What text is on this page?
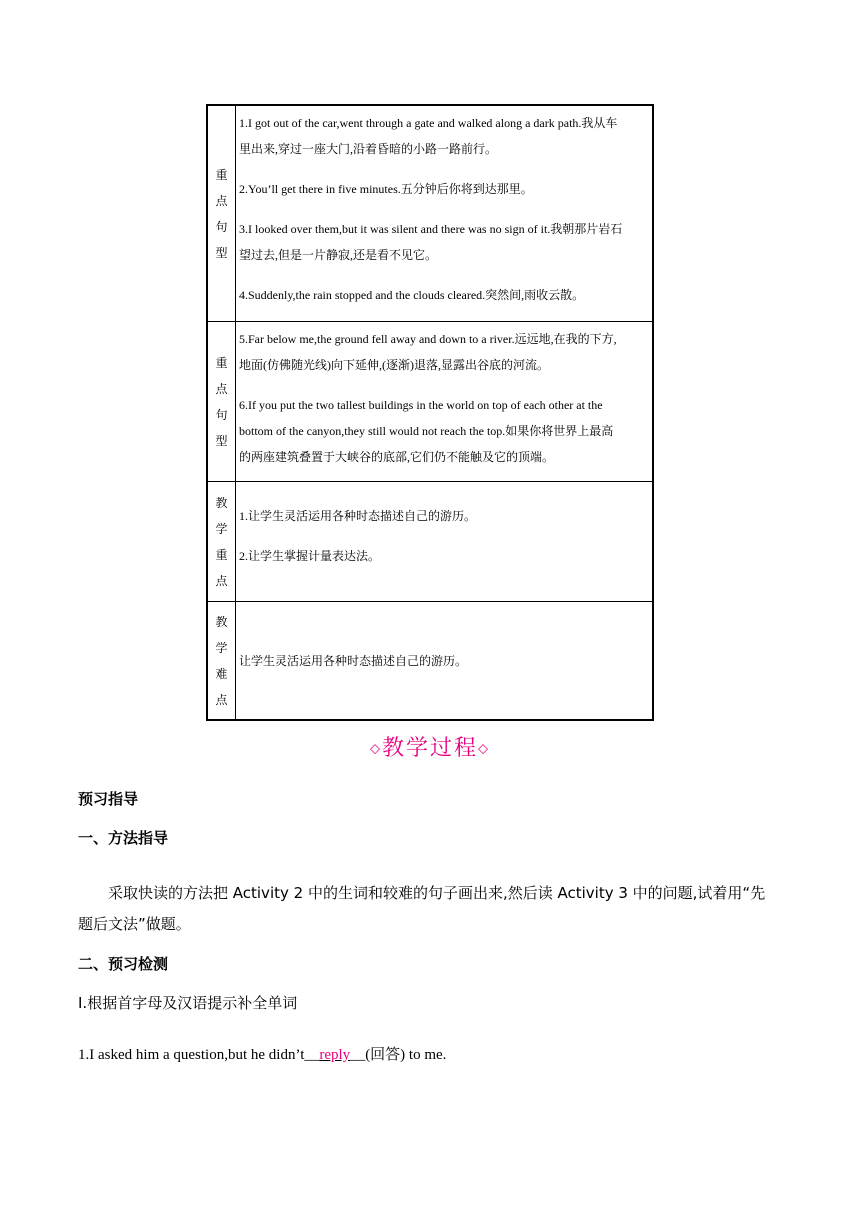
重
点
句
型

1.I got out of the car,went through a gate and walked along a dark path.我从车

里出来,穿过一座大门,沿着昏暗的小路一路前行。

2.You’ll get there in five minutes.五分钟后你将到达那里。

3.I looked over them,but it was silent and there was no sign of it.我朝那片岩石

望过去,但是一片静寂,还是看不见它。

4.Suddenly,the rain stopped and the clouds cleared.突然间,雨收云散。

重
点
句
型

5.Far below me,the ground fell away and down to a river.远远地,在我的下方,

地面(仿佛随光线)向下延伸,(逐渐)退落,显露出谷底的河流。

6.If you put the two tallest buildings in the world on top of each other at the

bottom of the canyon,they still would not reach the top.如果你将世界上最高

的两座建筑叠置于大峡谷的底部,它们仍不能触及它的顶端。

教
学
重
点

1.让学生灵活运用各种时态描述自己的游历。

2.让学生掌握计量表达法。

教
学
难
点

让学生灵活运用各种时态描述自己的游历。

◇教学过程◇
预习指导
一、方法指导
采取快读的方法把 Activity 2 中的生词和较难的句子画出来,然后读 Activity 3 中的问题,试着用“先
题后文法”做题。
二、预习检测
Ⅰ.根据首字母及汉语提示补全单词
1.I asked him a question,but he didn’t__reply__(回答) to me.
